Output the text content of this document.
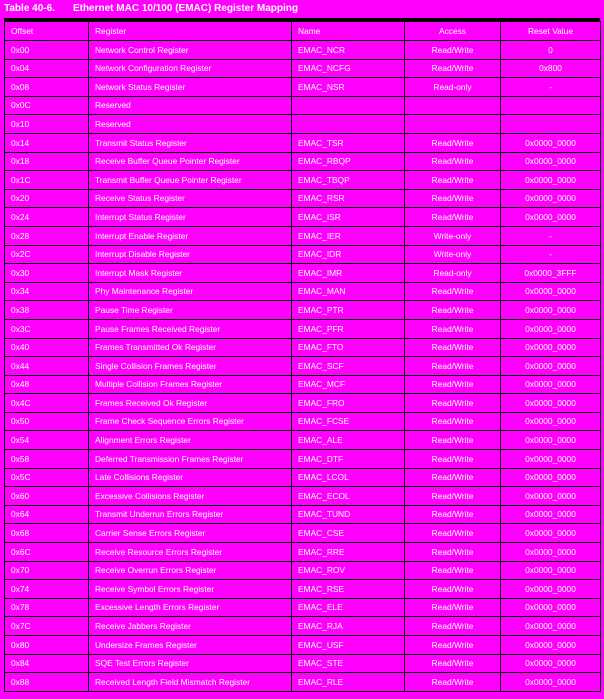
Table 40-6. Ethernet MAC 10/100 (EMAC) Register Mapping
Offset	Register	Name	Access	Reset Value
0x00	Network Control Register	EMAC_NCR	Read/Write	0
0x04	Network Configuration Register	EMAC_NCFG	Read/Write	0x800
0x08	Network Status Register	EMAC_NSR	Read-only	-
0x0C	Reserved			
0x10	Reserved			
0x14	Transmit Status Register	EMAC_TSR	Read/Write	0x0000_0000
0x18	Receive Buffer Queue Pointer Register	EMAC_RBQP	Read/Write	0x0000_0000
0x1C	Transmit Buffer Queue Pointer Register	EMAC_TBQP	Read/Write	0x0000_0000
0x20	Receive Status Register	EMAC_RSR	Read/Write	0x0000_0000
0x24	Interrupt Status Register	EMAC_ISR	Read/Write	0x0000_0000
0x28	Interrupt Enable Register	EMAC_IER	Write-only	-
0x2C	Interrupt Disable Register	EMAC_IDR	Write-only	-
0x30	Interrupt Mask Register	EMAC_IMR	Read-only	0x0000_3FFF
0x34	Phy Maintenance Register	EMAC_MAN	Read/Write	0x0000_0000
0x38	Pause Time Register	EMAC_PTR	Read/Write	0x0000_0000
0x3C	Pause Frames Received Register	EMAC_PFR	Read/Write	0x0000_0000
0x40	Frames Transmitted Ok Register	EMAC_FTO	Read/Write	0x0000_0000
0x44	Single Collision Frames Register	EMAC_SCF	Read/Write	0x0000_0000
0x48	Multiple Collision Frames Register	EMAC_MCF	Read/Write	0x0000_0000
0x4C	Frames Received Ok Register	EMAC_FRO	Read/Write	0x0000_0000
0x50	Frame Check Sequence Errors Register	EMAC_FCSE	Read/Write	0x0000_0000
0x54	Alignment Errors Register	EMAC_ALE	Read/Write	0x0000_0000
0x58	Deferred Transmission Frames Register	EMAC_DTF	Read/Write	0x0000_0000
0x5C	Late Collisions Register	EMAC_LCOL	Read/Write	0x0000_0000
0x60	Excessive Collisions Register	EMAC_ECOL	Read/Write	0x0000_0000
0x64	Transmit Underrun Errors Register	EMAC_TUND	Read/Write	0x0000_0000
0x68	Carrier Sense Errors Register	EMAC_CSE	Read/Write	0x0000_0000
0x6C	Receive Resource Errors Register	EMAC_RRE	Read/Write	0x0000_0000
0x70	Receive Overrun Errors Register	EMAC_ROV	Read/Write	0x0000_0000
0x74	Receive Symbol Errors Register	EMAC_RSE	Read/Write	0x0000_0000
0x78	Excessive Length Errors Register	EMAC_ELE	Read/Write	0x0000_0000
0x7C	Receive Jabbers Register	EMAC_RJA	Read/Write	0x0000_0000
0x80	Undersize Frames Register	EMAC_USF	Read/Write	0x0000_0000
0x84	SQE Test Errors Register	EMAC_STE	Read/Write	0x0000_0000
0x88	Received Length Field Mismatch Register	EMAC_RLE	Read/Write	0x0000_0000
